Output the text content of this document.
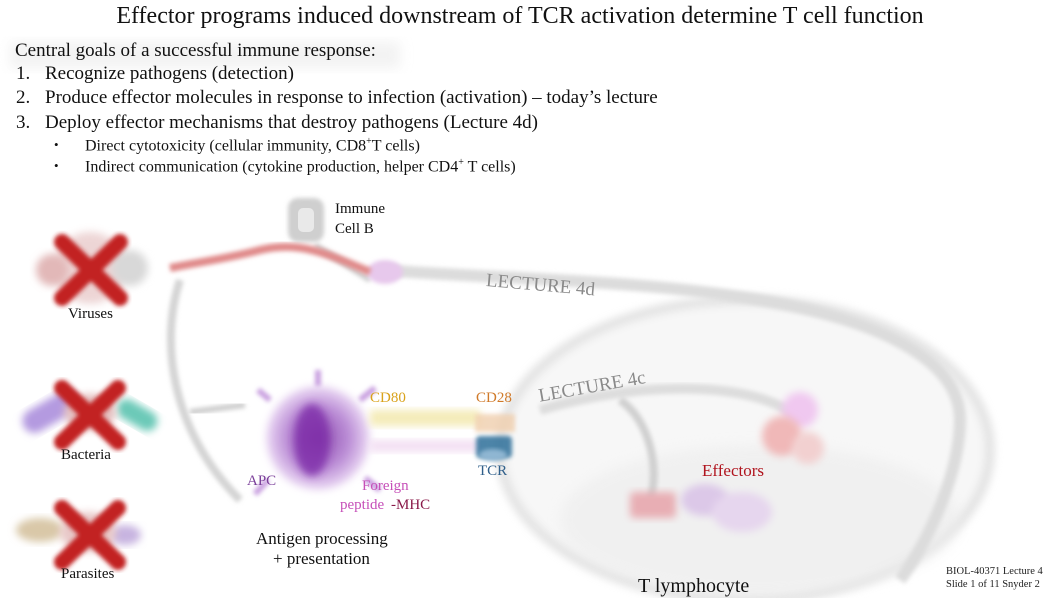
Effector programs induced downstream of TCR activation determine T cell function
Central goals of a successful immune response:
1. Recognize pathogens (detection)
2. Produce effector molecules in response to infection (activation) – today’s lecture
3. Deploy effector mechanisms that destroy pathogens (Lecture 4d)
• Direct cytotoxicity (cellular immunity, CD8+T cells)
• Indirect communication (cytokine production, helper CD4+ T cells)
Immune
Cell B
LECTURE 4d
LECTURE 4c
Viruses
Bacteria
Parasites
CD80	CD28
TCR
APC	Foreign
peptide -MHC
Antigen processing
+ presentation
Effectors
T lymphocyte
BIOL-40371 Lecture 4
Slide 1 of 11 Snyder 2
